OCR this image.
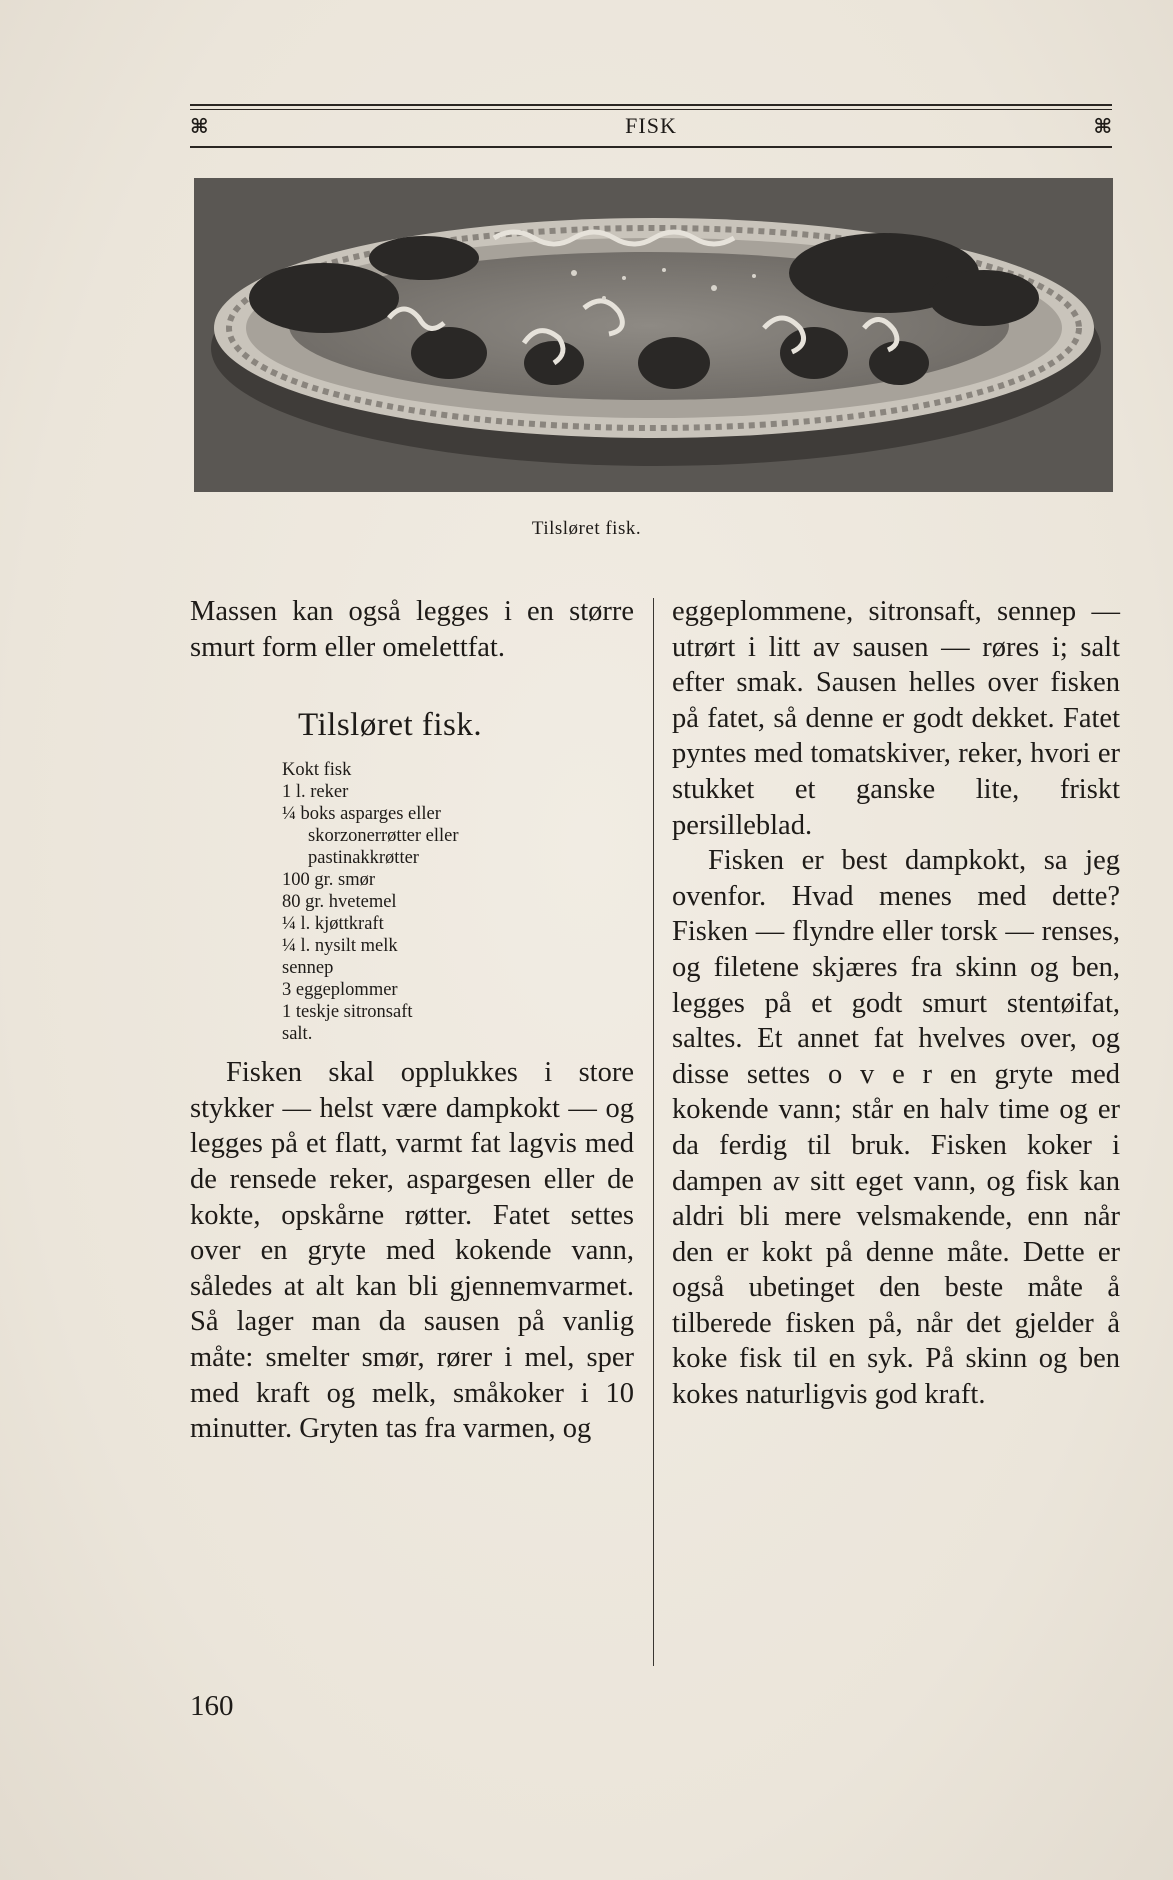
⌘	FISK	⌘
Tilsløret fisk.

Massen kan også legges i en større smurt form eller omelettfat.

Tilsløret fisk.
Kokt fisk
1 l. reker
¼ boks asparges eller
skorzonerrøtter eller
pastinakkrøtter
100 gr. smør
80 gr. hvetemel
¼ l. kjøttkraft
¼ l. nysilt melk
sennep
3 eggeplommer
1 teskje sitronsaft
salt.

Fisken skal opplukkes i store stykker — helst være dampkokt — og legges på et flatt, varmt fat lagvis med de rensede reker, aspargesen eller de kokte, opskårne røtter. Fatet settes over en gryte med kokende vann, således at alt kan bli gjennemvarmet. Så lager man da sausen på vanlig måte: smelter smør, rører i mel, sper med kraft og melk, småkoker i 10 minutter. Gryten tas fra varmen, og

eggeplommene, sitronsaft, sennep — utrørt i litt av sausen — røres i; salt efter smak. Sausen helles over fisken på fatet, så denne er godt dekket. Fatet pyntes med tomatskiver, reker, hvori er stukket et ganske lite, friskt persilleblad.

Fisken er best dampkokt, sa jeg ovenfor. Hvad menes med dette? Fisken — flyndre eller torsk — renses, og filetene skjæres fra skinn og ben, legges på et godt smurt stentøifat, saltes. Et annet fat hvelves over, og disse settes o v e r en gryte med kokende vann; står en halv time og er da ferdig til bruk. Fisken koker i dampen av sitt eget vann, og fisk kan aldri bli mere velsmakende, enn når den er kokt på denne måte. Dette er også ubetinget den beste måte å tilberede fisken på, når det gjelder å koke fisk til en syk. På skinn og ben kokes naturligvis god kraft.

160
